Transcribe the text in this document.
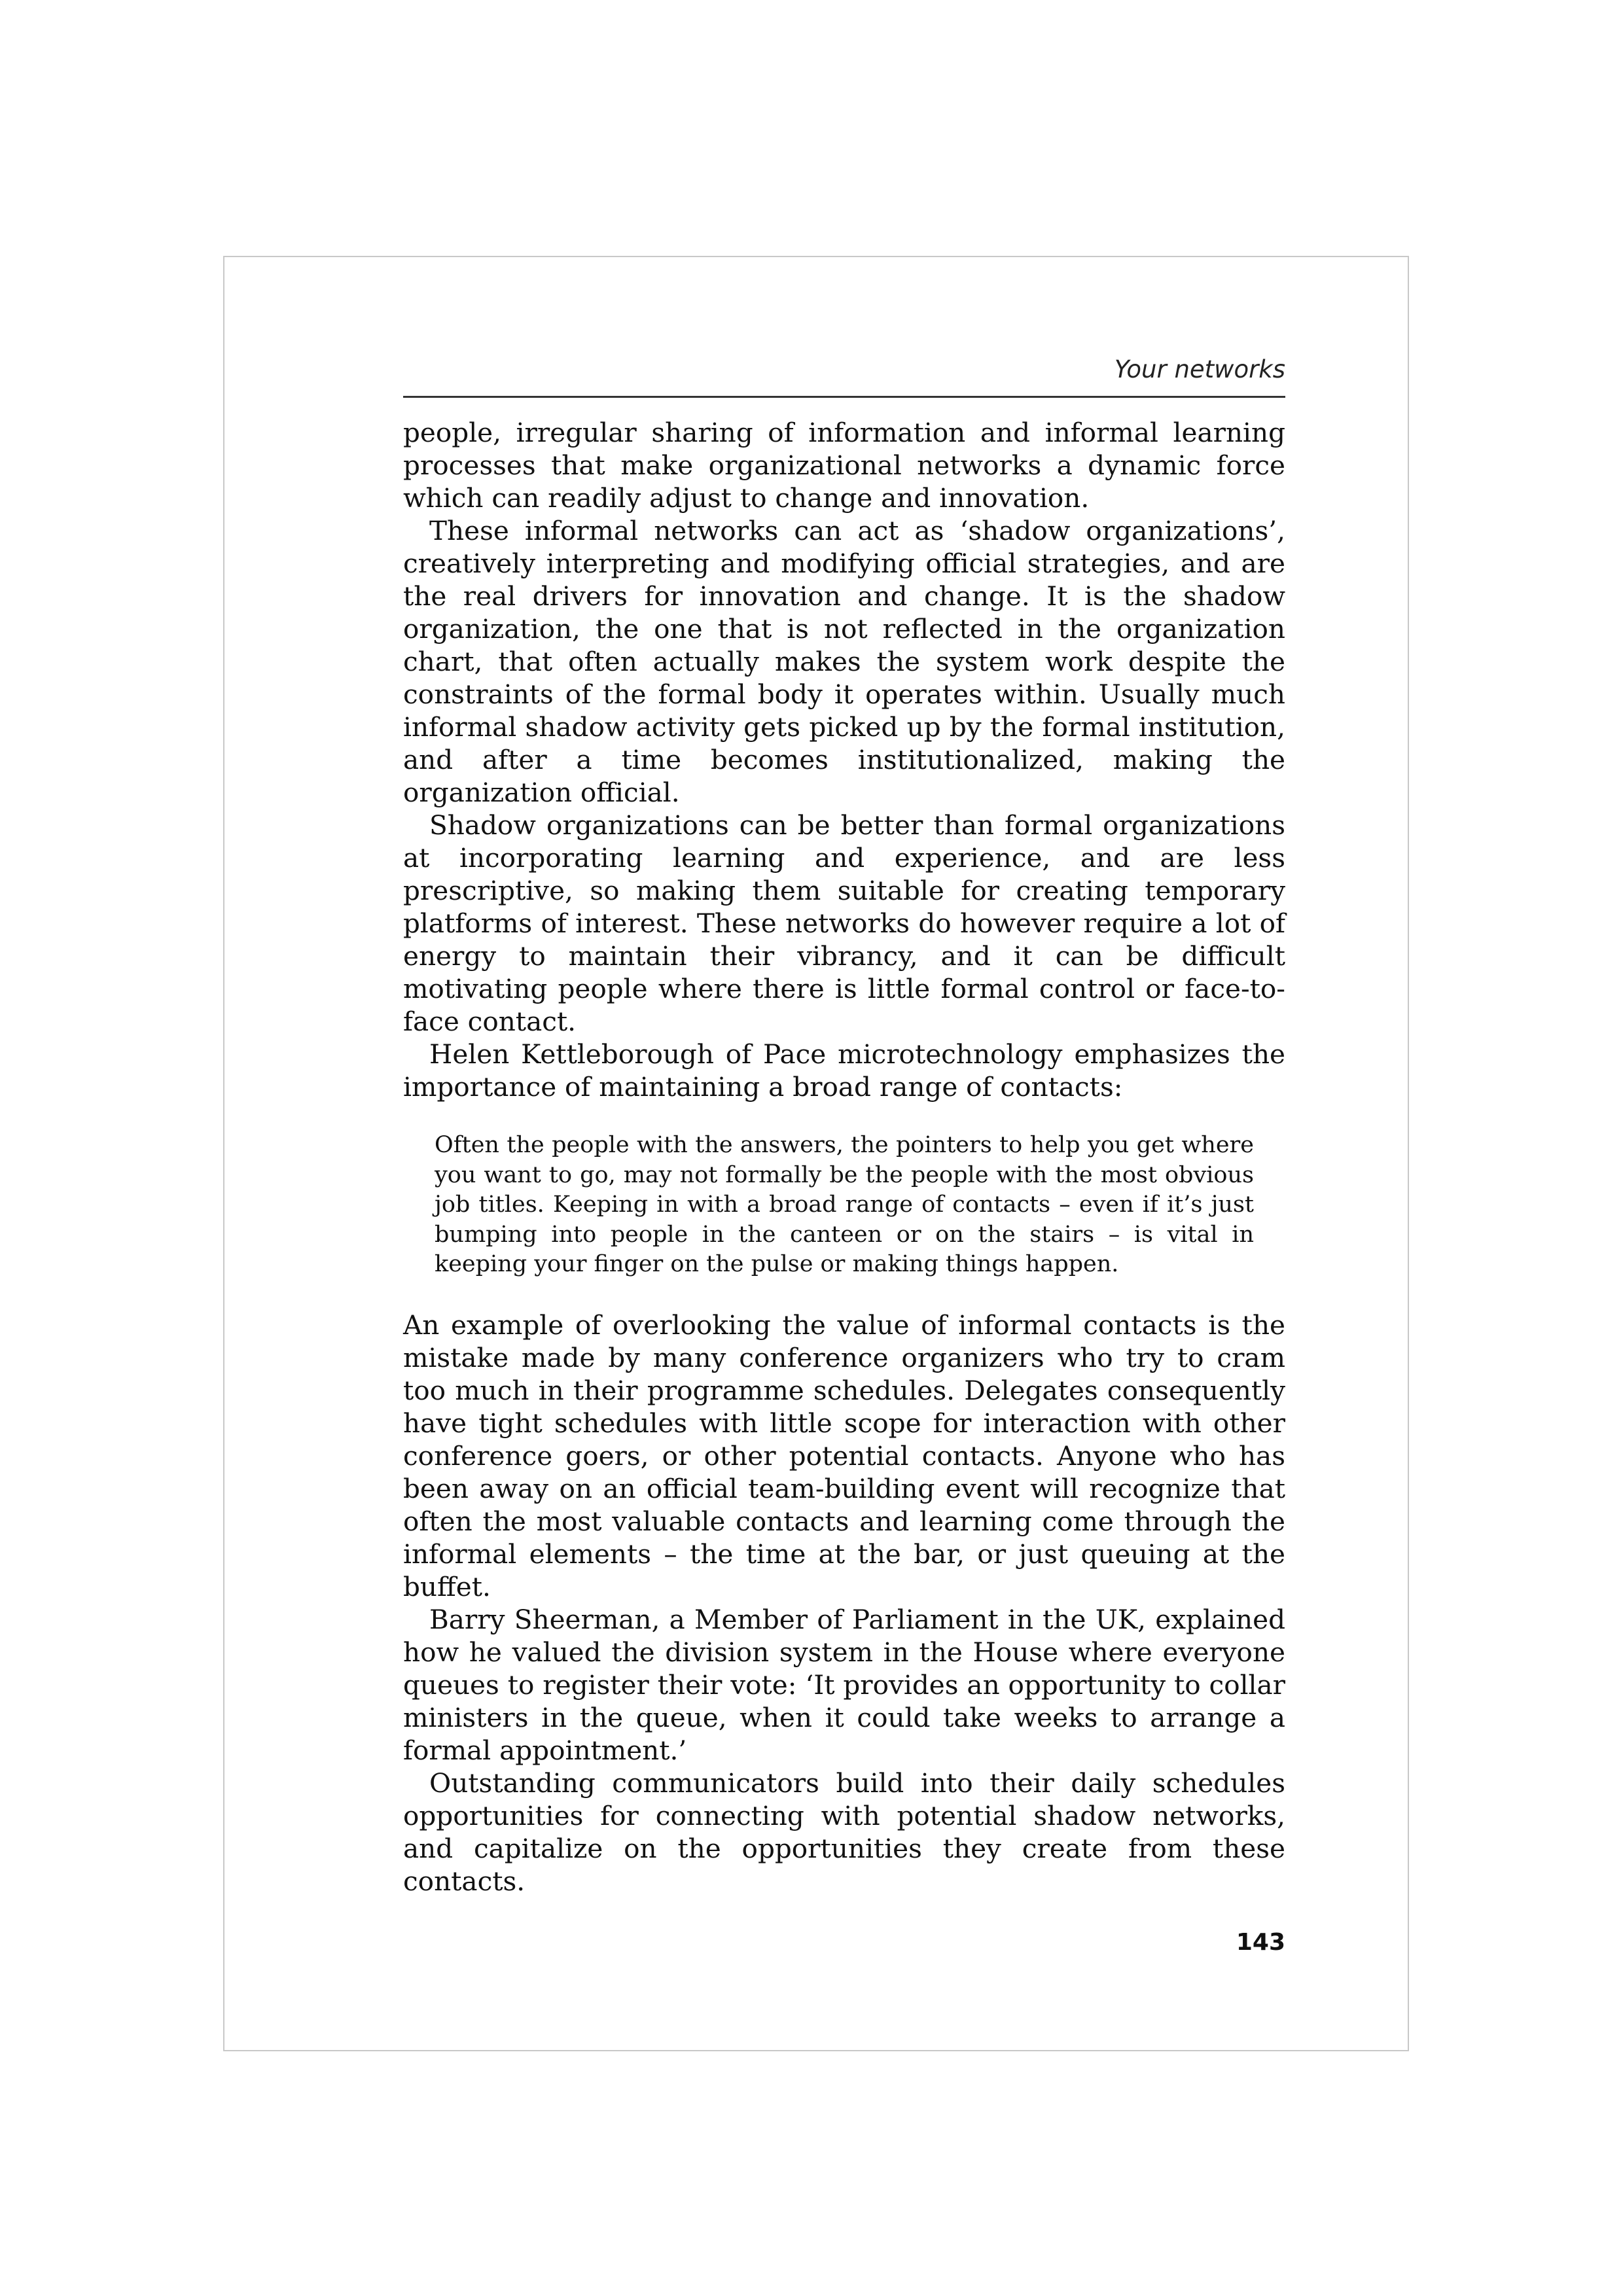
Your networks

people, irregular sharing of information and informal learning processes that make organizational networks a dynamic force which can readily adjust to change and innovation.

These informal networks can act as ‘shadow organizations’, creatively interpreting and modifying official strategies, and are the real drivers for innovation and change. It is the shadow organization, the one that is not reflected in the organization chart, that often actually makes the system work despite the constraints of the formal body it operates within. Usually much informal shadow activity gets picked up by the formal institution, and after a time becomes institutionalized, making the organization official.

Shadow organizations can be better than formal organizations at incorporating learning and experience, and are less prescriptive, so making them suitable for creating temporary platforms of interest. These networks do however require a lot of energy to maintain their vibrancy, and it can be difficult motivating people where there is little formal control or face-to-face contact.

Helen Kettleborough of Pace microtechnology emphasizes the importance of maintaining a broad range of contacts:

Often the people with the answers, the pointers to help you get where you want to go, may not formally be the people with the most obvious job titles. Keeping in with a broad range of contacts – even if it’s just bumping into people in the canteen or on the stairs – is vital in keeping your finger on the pulse or making things happen.

An example of overlooking the value of informal contacts is the mistake made by many conference organizers who try to cram too much in their programme schedules. Delegates consequently have tight schedules with little scope for interaction with other conference goers, or other potential contacts. Anyone who has been away on an official team-building event will recognize that often the most valuable contacts and learning come through the informal elements – the time at the bar, or just queuing at the buffet.

Barry Sheerman, a Member of Parliament in the UK, explained how he valued the division system in the House where everyone queues to register their vote: ‘It provides an opportunity to collar ministers in the queue, when it could take weeks to arrange a formal appointment.’

Outstanding communicators build into their daily schedules opportunities for connecting with potential shadow networks, and capitalize on the opportunities they create from these contacts.

143
